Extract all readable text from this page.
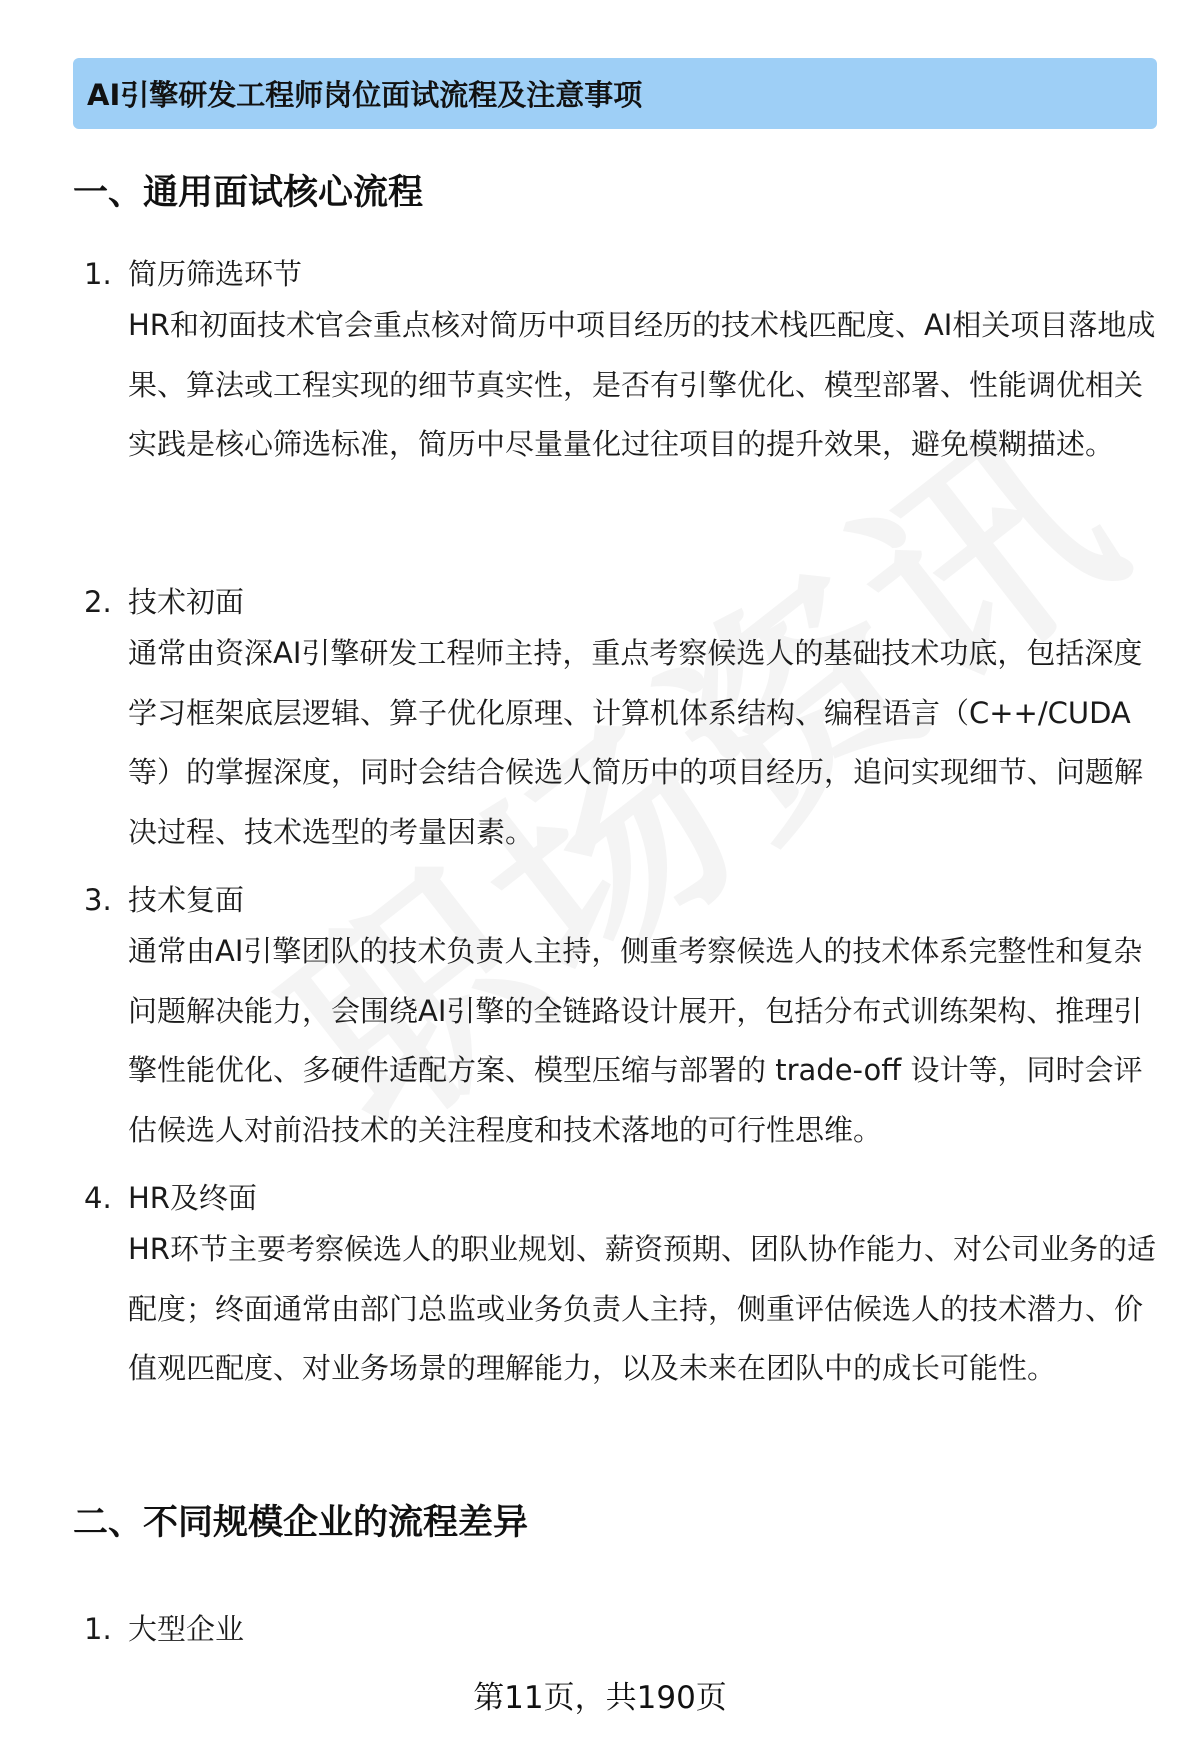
AI引擎研发工程师岗位面试流程及注意事项
一、通用面试核心流程
1. 简历筛选环节
HR和初面技术官会重点核对简历中项目经历的技术栈匹配度、AI相关项目落地成果、算法或工程实现的细节真实性，是否有引擎优化、模型部署、性能调优相关实践是核心筛选标准，简历中尽量量化过往项目的提升效果，避免模糊描述。
2. 技术初面
通常由资深AI引擎研发工程师主持，重点考察候选人的基础技术功底，包括深度学习框架底层逻辑、算子优化原理、计算机体系结构、编程语言（C++/CUDA等）的掌握深度，同时会结合候选人简历中的项目经历，追问实现细节、问题解决过程、技术选型的考量因素。
3. 技术复面
通常由AI引擎团队的技术负责人主持，侧重考察候选人的技术体系完整性和复杂问题解决能力，会围绕AI引擎的全链路设计展开，包括分布式训练架构、推理引擎性能优化、多硬件适配方案、模型压缩与部署的 trade-off 设计等，同时会评估候选人对前沿技术的关注程度和技术落地的可行性思维。
4. HR及终面
HR环节主要考察候选人的职业规划、薪资预期、团队协作能力、对公司业务的适配度；终面通常由部门总监或业务负责人主持，侧重评估候选人的技术潜力、价值观匹配度、对业务场景的理解能力，以及未来在团队中的成长可能性。
二、不同规模企业的流程差异
1. 大型企业
第11页，共190页
